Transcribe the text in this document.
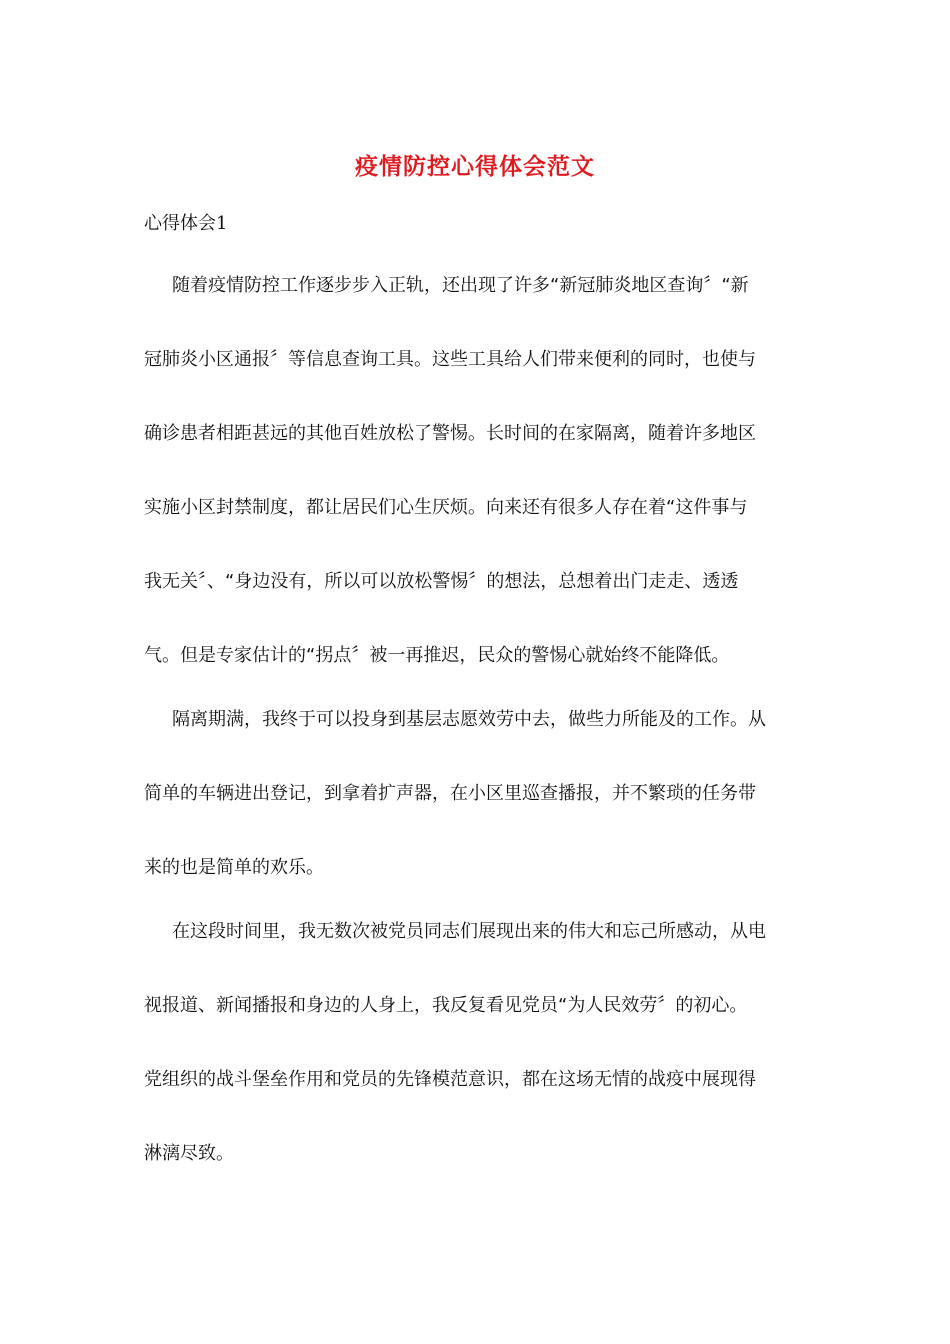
疫情防控心得体会范文
心得体会1
随着疫情防控工作逐步步入正轨，还出现了许多“新冠肺炎地区查询〞“新
冠肺炎小区通报〞等信息查询工具。这些工具给人们带来便利的同时，也使与
确诊患者相距甚远的其他百姓放松了警惕。长时间的在家隔离，随着许多地区
实施小区封禁制度，都让居民们心生厌烦。向来还有很多人存在着“这件事与
我无关〞、“身边没有，所以可以放松警惕〞的想法，总想着出门走走、透透
气。但是专家估计的“拐点〞被一再推迟，民众的警惕心就始终不能降低。
隔离期满，我终于可以投身到基层志愿效劳中去，做些力所能及的工作。从
简单的车辆进出登记，到拿着扩声器，在小区里巡查播报，并不繁琐的任务带
来的也是简单的欢乐。
在这段时间里，我无数次被党员同志们展现出来的伟大和忘己所感动，从电
视报道、新闻播报和身边的人身上，我反复看见党员“为人民效劳〞的初心。
党组织的战斗堡垒作用和党员的先锋模范意识，都在这场无情的战疫中展现得
淋漓尽致。
